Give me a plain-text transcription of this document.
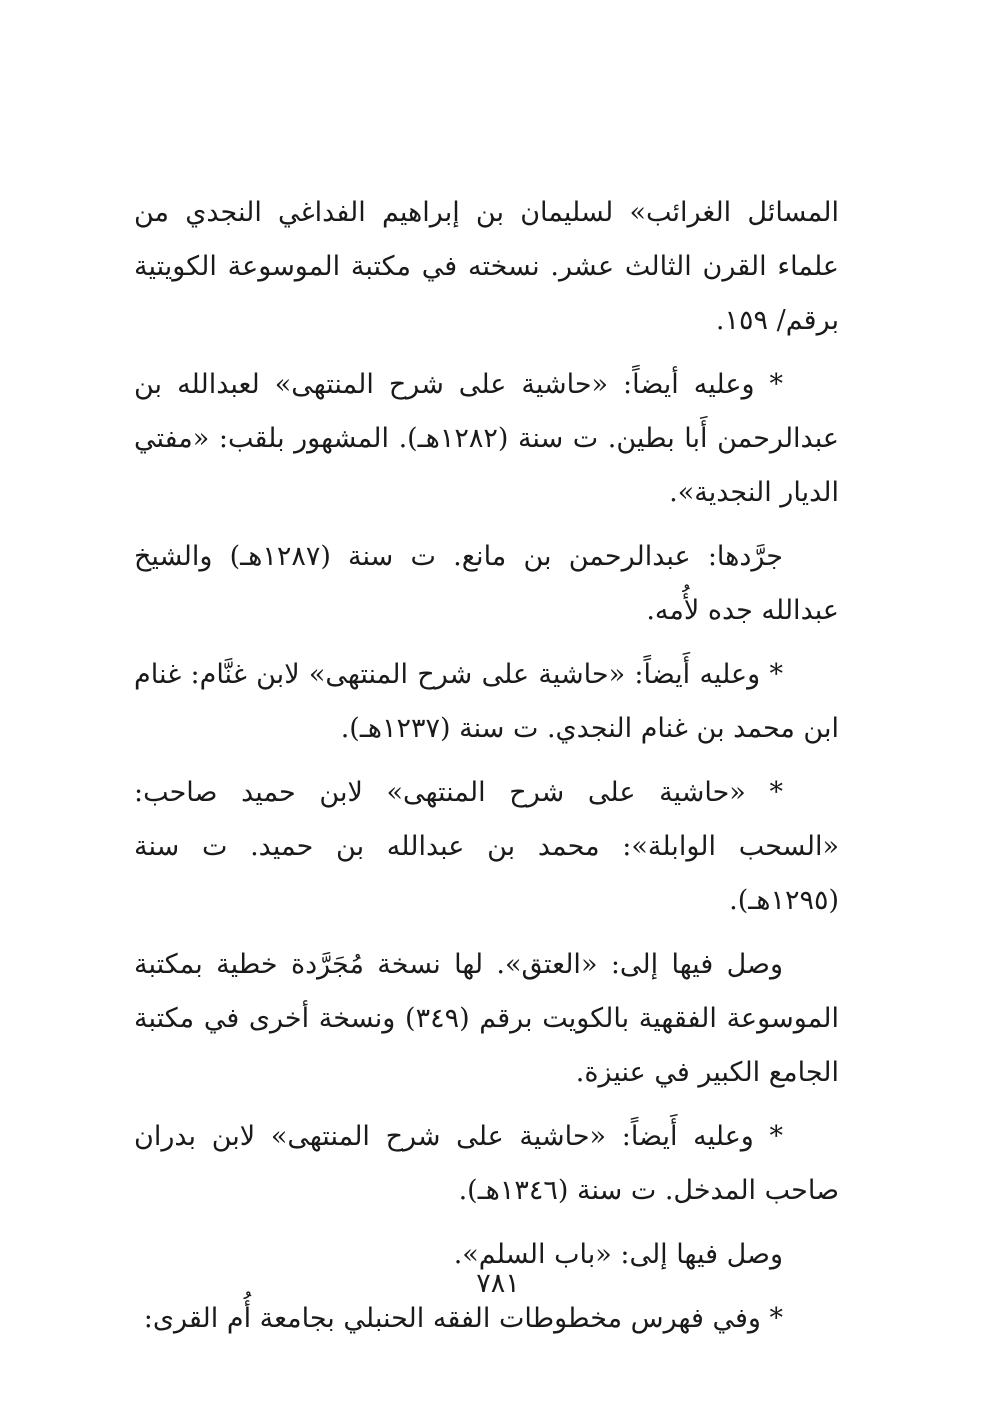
المسائل الغرائب» لسليمان بن إبراهيم الفداغي النجدي من علماء القرن الثالث عشر. نسخته في مكتبة الموسوعة الكويتية برقم/ ١٥٩.

* وعليه أيضاً: «حاشية على شرح المنتهى» لعبدالله بن عبدالرحمن أَبا بطين. ت سنة (١٢٨٢هـ). المشهور بلقب: «مفتي الديار النجدية».

جرَّدها: عبدالرحمن بن مانع. ت سنة (١٢٨٧هـ) والشيخ عبدالله جده لأُمه.

* وعليه أَيضاً: «حاشية على شرح المنتهى» لابن غنَّام: غنام ابن محمد بن غنام النجدي. ت سنة (١٢٣٧هـ).

* «حاشية على شرح المنتهى» لابن حميد صاحب: «السحب الوابلة»: محمد بن عبدالله بن حميد. ت سنة (١٢٩٥هـ).

وصل فيها إلى: «العتق». لها نسخة مُجَرَّدة خطية بمكتبة الموسوعة الفقهية بالكويت برقم (٣٤٩) ونسخة أخرى في مكتبة الجامع الكبير في عنيزة.

* وعليه أَيضاً: «حاشية على شرح المنتهى» لابن بدران صاحب المدخل. ت سنة (١٣٤٦هـ).

وصل فيها إلى: «باب السلم».

* وفي فهرس مخطوطات الفقه الحنبلي بجامعة أُم القرى:

٧٨١
